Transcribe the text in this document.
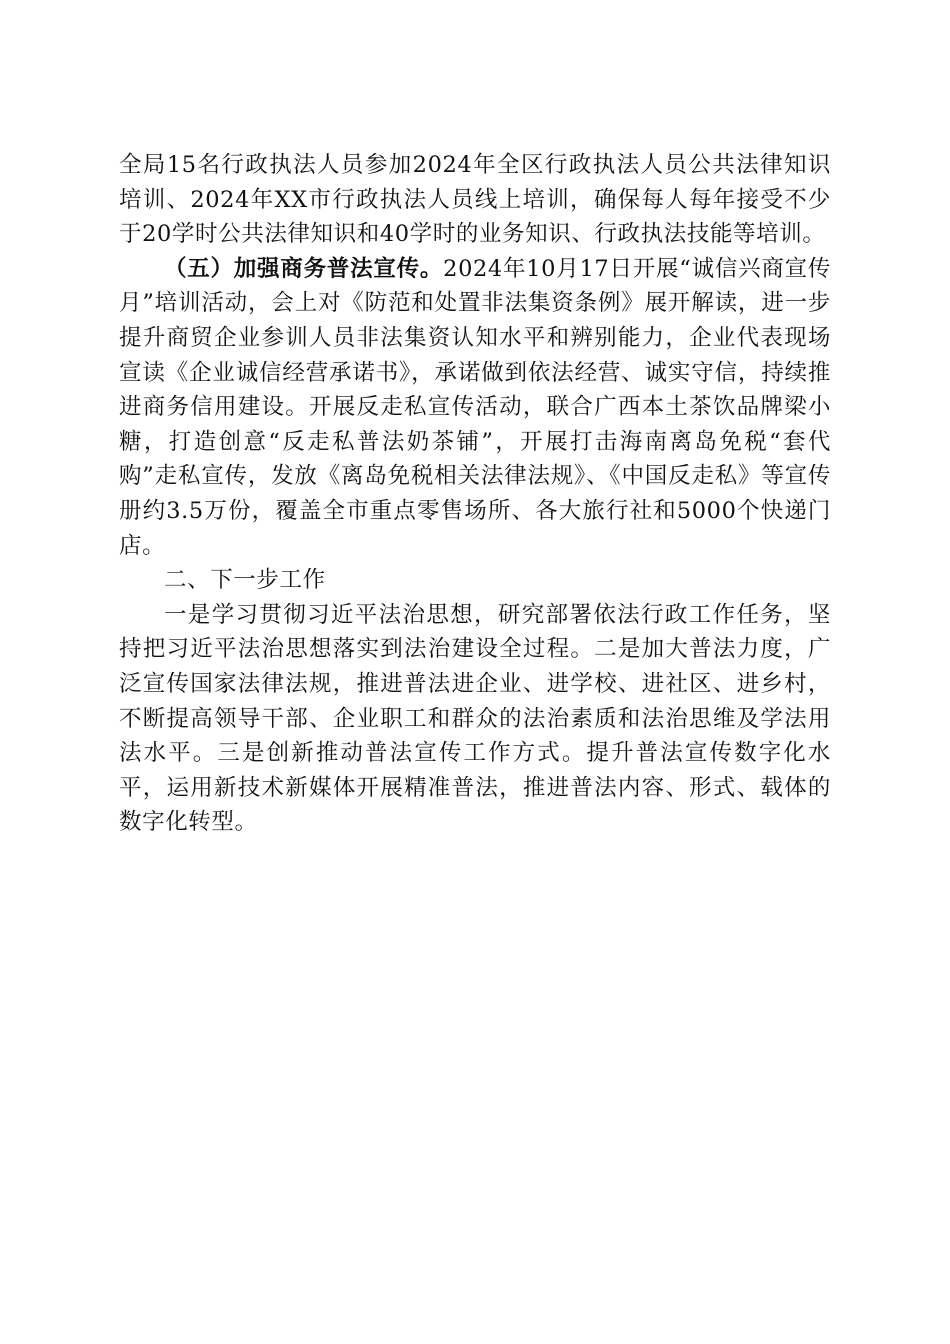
全局15名行政执法人员参加2024年全区行政执法人员公共法律知识培训、2024年XX市行政执法人员线上培训，确保每人每年接受不少于20学时公共法律知识和40学时的业务知识、行政执法技能等培训。

（五）加强商务普法宣传。2024年10月17日开展“诚信兴商宣传月”培训活动，会上对《防范和处置非法集资条例》展开解读，进一步提升商贸企业参训人员非法集资认知水平和辨别能力，企业代表现场宣读《企业诚信经营承诺书》，承诺做到依法经营、诚实守信，持续推进商务信用建设。开展反走私宣传活动，联合广西本土茶饮品牌梁小糖，打造创意“反走私普法奶茶铺”，开展打击海南离岛免税“套代购”走私宣传，发放《离岛免税相关法律法规》、《中国反走私》等宣传册约3.5万份，覆盖全市重点零售场所、各大旅行社和5000个快递门店。

二、下一步工作

一是学习贯彻习近平法治思想，研究部署依法行政工作任务，坚持把习近平法治思想落实到法治建设全过程。二是加大普法力度，广泛宣传国家法律法规，推进普法进企业、进学校、进社区、进乡村，不断提高领导干部、企业职工和群众的法治素质和法治思维及学法用法水平。三是创新推动普法宣传工作方式。提升普法宣传数字化水平，运用新技术新媒体开展精准普法，推进普法内容、形式、载体的数字化转型。
